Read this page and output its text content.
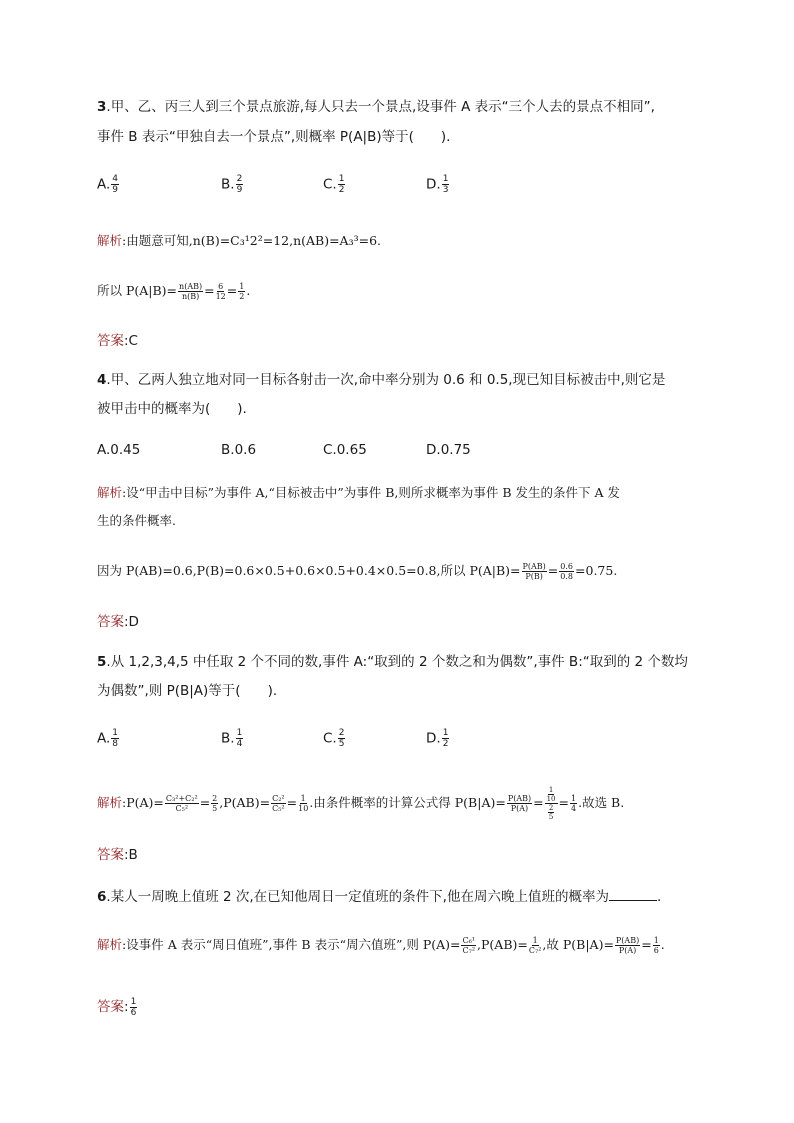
3.甲、乙、丙三人到三个景点旅游,每人只去一个景点,设事件 A 表示“三个人去的景点不相同”,
事件 B 表示“甲独自去一个景点”,则概率 P(A|B)等于(　　).
A. $\frac{4}{9}$	B. $\frac{2}{9}$	C. $\frac{1}{2}$	D. $\frac{1}{3}$
解析:由题意可知,n(B)=C₃¹2²=12,n(AB)=A₃³=6.
所以 $P(A|B)= \frac{n(AB)}{n(B)} = \frac{6}{12} = \frac{1}{2}$ .
答案:C
4.甲、乙两人独立地对同一目标各射击一次,命中率分别为 0.6 和 0.5,现已知目标被击中,则它是
被甲击中的概率为(　　).
A.0.45	B.0.6	C.0.65	D.0.75
解析:设“甲击中目标”为事件 A,“目标被击中”为事件 B,则所求概率为事件 B 发生的条件下 A 发
生的条件概率.
因为 P(AB)=0.6,P(B)=0.6×0.5+0.6×0.5+0.4×0.5=0.8,所以 $P(A|B)= \frac{P(AB)}{P(B)} = \frac{0.6}{0.8} =0.75$.
答案:D
5.从 1,2,3,4,5 中任取 2 个不同的数,事件 A:“取到的 2 个数之和为偶数”,事件 B:“取到的 2 个数均
为偶数”,则 P(B|A)等于(　　).
A. $\frac{1}{8}$	B. $\frac{1}{4}$	C. $\frac{2}{5}$	D. $\frac{1}{2}$
解析:P(A)= $\frac{\text{C₃²+C₂²}}{\text{C₅²}} = \frac{2}{5} ,P(AB)= \frac{\text{C₂²}}{\text{C₅²}} = \frac{1}{10}$ .由条件概率的计算公式得 $P(B|A)= \frac{P(AB)}{P(A)} = \frac{\frac{1}{10}}{\frac{2}{5}} = \frac{1}{4}$ .故选 B.
答案:B
6.某人一周晚上值班 2 次,在已知他周日一定值班的条件下,他在周六晚上值班的概率为	.
解析:设事件 A 表示“周日值班”,事件 B 表示“周六值班”,则 $P(A)= \frac{\text{C₆¹}}{\text{C₇²}} ,P(AB)= \frac{1}{\text{C₇²}}$ ,故 $P(B|A)= \frac{P(AB)}{P(A)} = \frac{1}{6}$ .
答案: $\frac{1}{6}$
